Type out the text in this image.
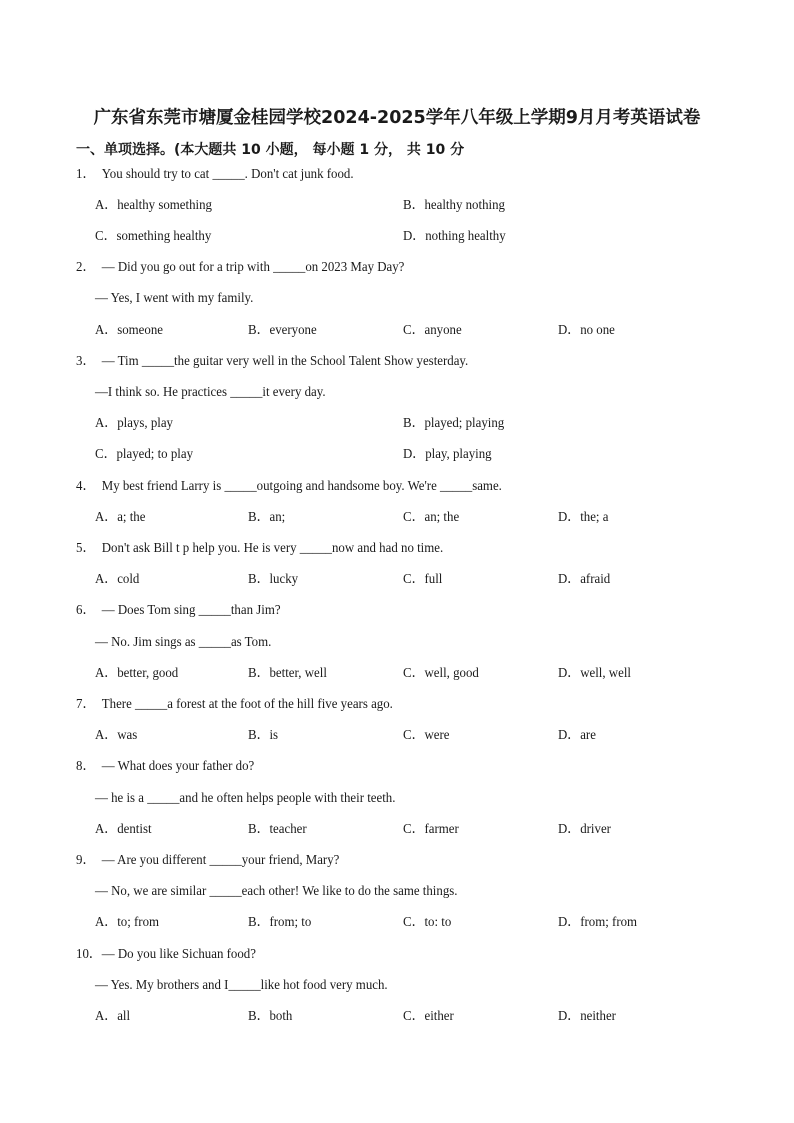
广东省东莞市塘厦金桂园学校2024-2025学年八年级上学期9月月考英语试卷
一、单项选择。(本大题共 10 小题， 每小题 1 分， 共 10 分
1． You should try to cat _____. Don't cat junk food.
A．healthy something	B．healthy nothing
C．something healthy	D．nothing healthy
2． — Did you go out for a trip with _____on 2023 May Day?
— Yes, I went with my family.
A．someone	B．everyone	C．anyone	D．no one
3． — Tim _____the guitar very well in the School Talent Show yesterday.
—I think so. He practices _____it every day.
A．plays, play	B．played; playing
C．played; to play	D．play, playing
4． My best friend Larry is _____outgoing and handsome boy. We're _____same.
A．a; the	B．an;	C．an; the	D．the; a
5． Don't ask Bill t p help you. He is very _____now and had no time.
A．cold	B．lucky	C．full	D．afraid
6． — Does Tom sing _____than Jim?
— No. Jim sings as _____as Tom.
A．better, good	B．better, well	C．well, good	D．well, well
7． There _____a forest at the foot of the hill five years ago.
A．was	B．is	C．were	D．are
8． — What does your father do?
— he is a _____and he often helps people with their teeth.
A．dentist	B．teacher	C．farmer	D．driver
9． — Are you different _____your friend, Mary?
— No, we are similar _____each other! We like to do the same things.
A．to; from	B．from; to	C．to: to	D．from; from
10．— Do you like Sichuan food?
— Yes. My brothers and I_____like hot food very much.
A．all	B．both	C．either	D．neither
